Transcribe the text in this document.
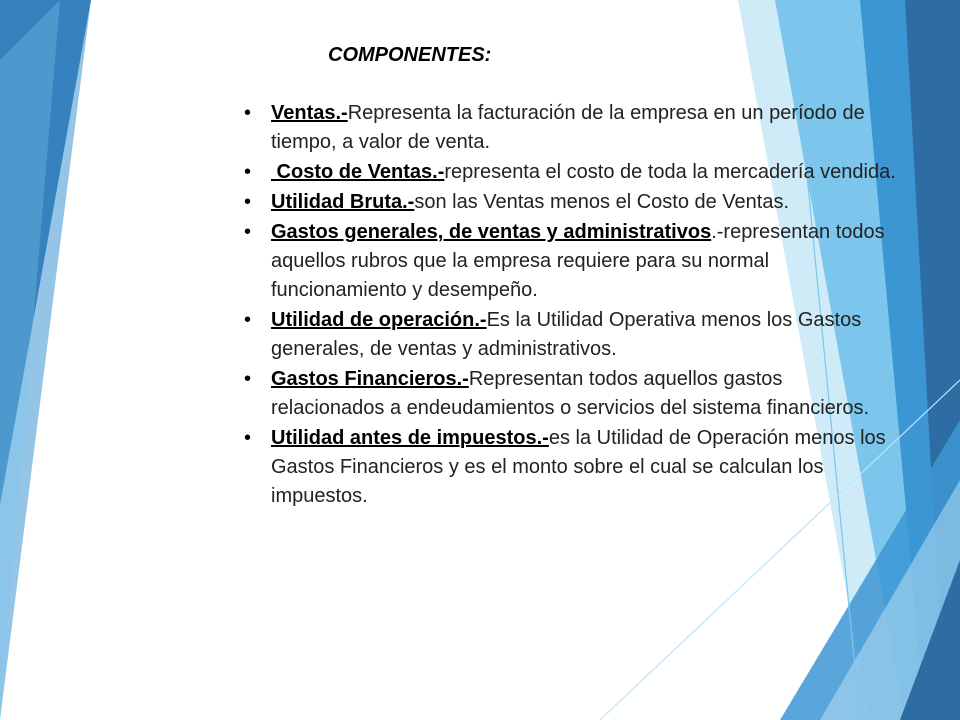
COMPONENTES:
• Ventas.-Representa la facturación de la empresa en un período de tiempo, a valor de venta.
• Costo de Ventas.-representa el costo de toda la mercadería vendida.
• Utilidad Bruta.-son las Ventas menos el Costo de Ventas.
• Gastos generales, de ventas y administrativos.-representan todos aquellos rubros que la empresa requiere para su normal funcionamiento y desempeño.
• Utilidad de operación.-Es la Utilidad Operativa menos los Gastos generales, de ventas y administrativos.
• Gastos Financieros.-Representan todos aquellos gastos relacionados a endeudamientos o servicios del sistema financieros.
• Utilidad antes de impuestos.-es la Utilidad de Operación menos los Gastos Financieros y es el monto sobre el cual se calculan los impuestos.
